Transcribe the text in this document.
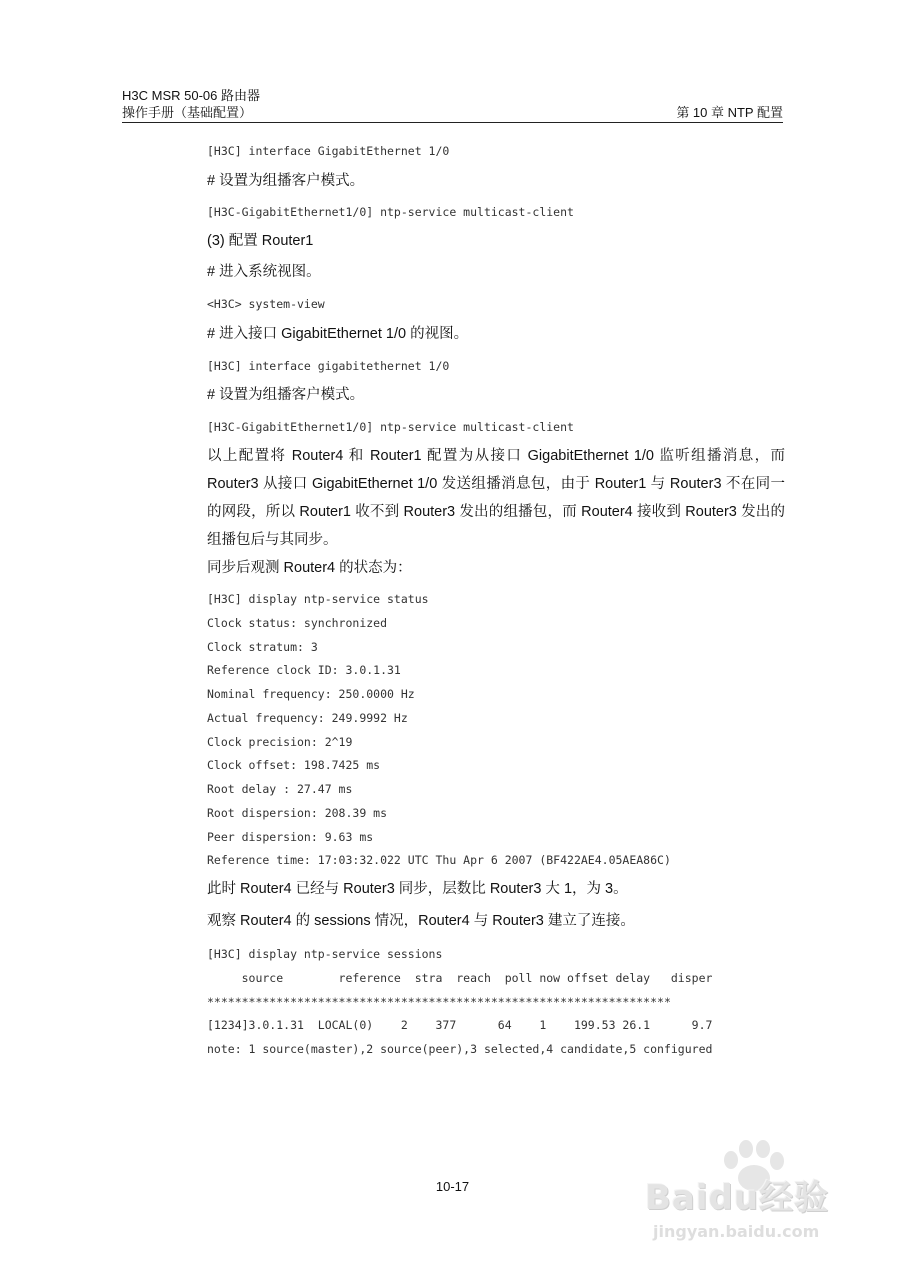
H3C MSR 50-06 路由器
操作手册（基础配置）	第 10 章 NTP 配置
[H3C] interface GigabitEthernet 1/0
# 设置为组播客户模式。
[H3C-GigabitEthernet1/0] ntp-service multicast-client
(3) 配置 Router1
# 进入系统视图。
<H3C> system-view
# 进入接口 GigabitEthernet 1/0 的视图。
[H3C] interface gigabitethernet 1/0
# 设置为组播客户模式。
[H3C-GigabitEthernet1/0] ntp-service multicast-client
以上配置将 Router4 和 Router1 配置为从接口 GigabitEthernet 1/0 监听组播消息，而 Router3 从接口 GigabitEthernet 1/0 发送组播消息包，由于 Router1 与 Router3 不在同一的网段，所以 Router1 收不到 Router3 发出的组播包，而 Router4 接收到 Router3 发出的组播包后与其同步。
同步后观测 Router4 的状态为：
[H3C] display ntp-service status
Clock status: synchronized
Clock stratum: 3
Reference clock ID: 3.0.1.31
Nominal frequency: 250.0000 Hz
Actual frequency: 249.9992 Hz
Clock precision: 2^19
Clock offset: 198.7425 ms
Root delay : 27.47 ms
Root dispersion: 208.39 ms
Peer dispersion: 9.63 ms
Reference time: 17:03:32.022 UTC Thu Apr 6 2007 (BF422AE4.05AEA86C)
此时 Router4 已经与 Router3 同步，层数比 Router3 大 1，为 3。
观察 Router4 的 sessions 情况，Router4 与 Router3 建立了连接。
[H3C] display ntp-service sessions
source        reference  stra  reach  poll now offset delay   disper
*******************************************************************
[1234]3.0.1.31  LOCAL(0)    2    377      64    1    199.53 26.1      9.7
note: 1 source(master),2 source(peer),3 selected,4 candidate,5 configured
10-17	Baidu经验
jingyan.baidu.com
